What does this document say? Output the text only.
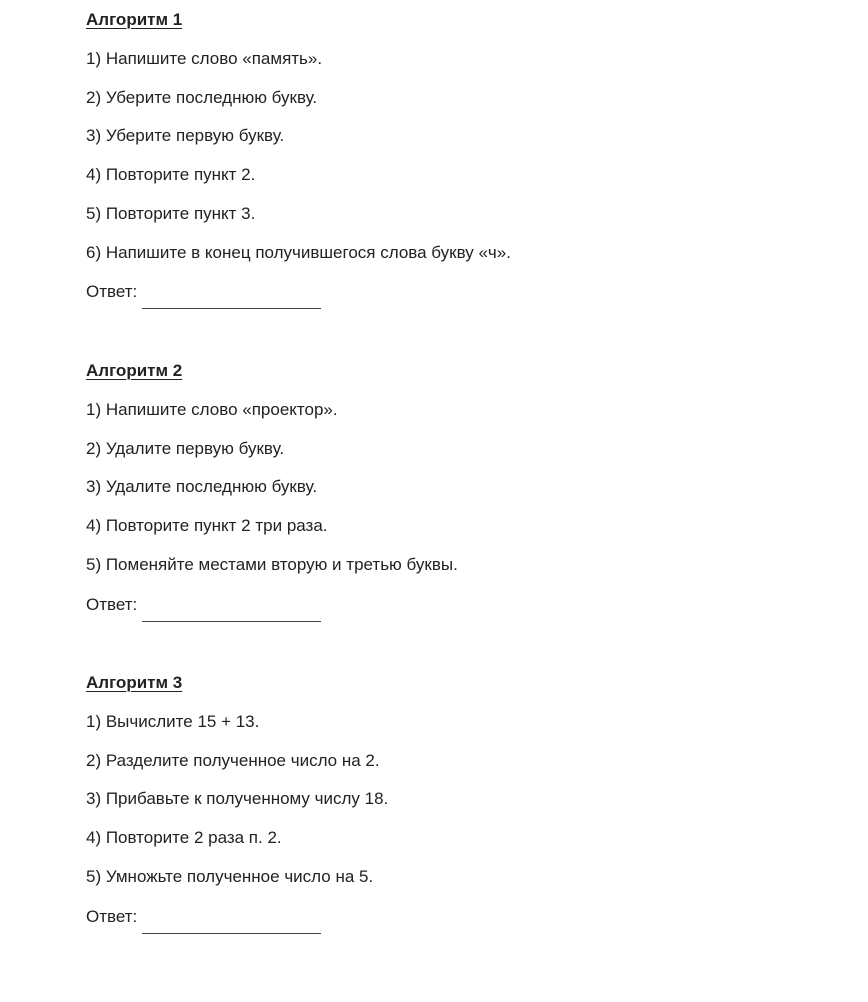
Алгоритм 1
1) Напишите слово «память».
2) Уберите последнюю букву.
3) Уберите первую букву.
4) Повторите пункт 2.
5) Повторите пункт 3.
6) Напишите в конец получившегося слова букву «ч».
Ответ:
Алгоритм 2
1) Напишите слово «проектор».
2) Удалите первую букву.
3) Удалите последнюю букву.
4) Повторите пункт 2 три раза.
5) Поменяйте местами вторую и третью буквы.
Ответ:
Алгоритм 3
1) Вычислите 15 + 13.
2) Разделите полученное число на 2.
3) Прибавьте к полученному числу 18.
4) Повторите 2 раза п. 2.
5) Умножьте полученное число на 5.
Ответ:
